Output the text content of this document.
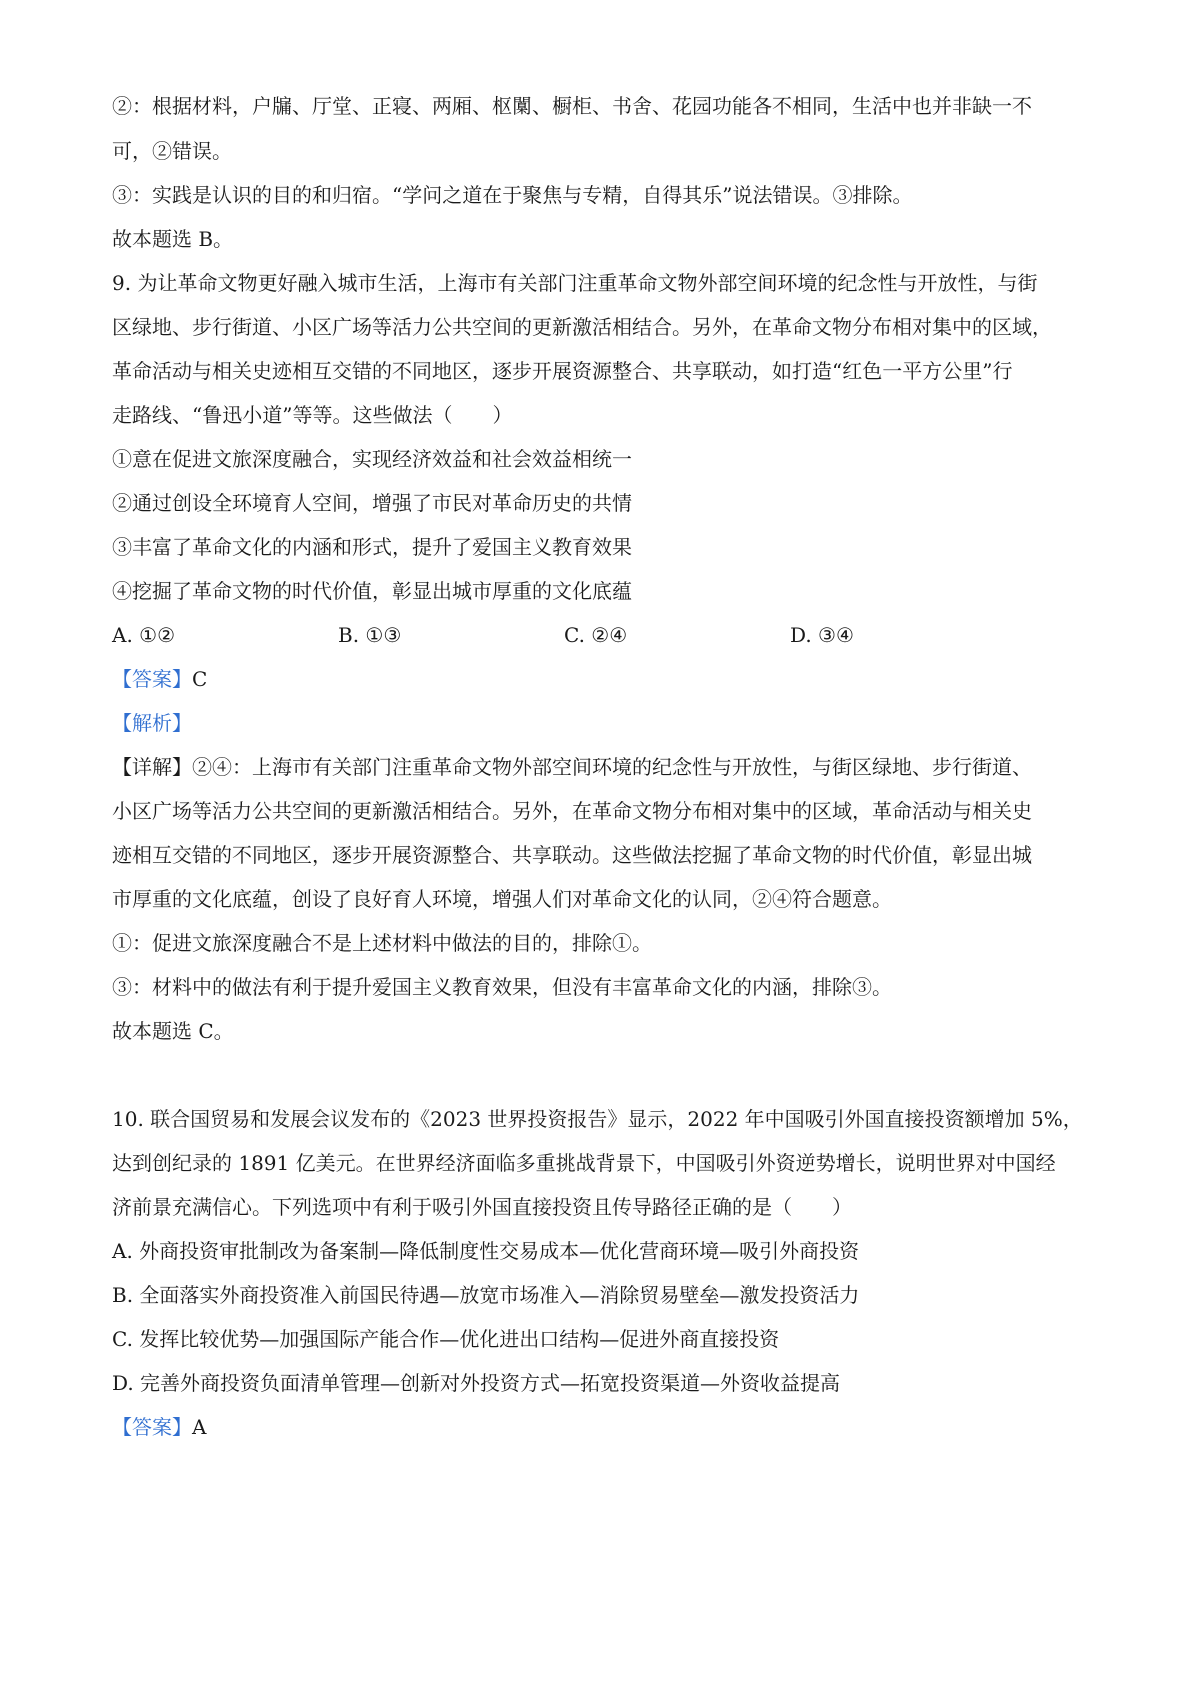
②：根据材料，户牖、厅堂、正寝、两厢、枢闑、橱柜、书舍、花园功能各不相同，生活中也并非缺一不
可，②错误。
③：实践是认识的目的和归宿。“学问之道在于聚焦与专精，自得其乐”说法错误。③排除。
故本题选 B。
9. 为让革命文物更好融入城市生活，上海市有关部门注重革命文物外部空间环境的纪念性与开放性，与街
区绿地、步行街道、小区广场等活力公共空间的更新激活相结合。另外，在革命文物分布相对集中的区域，
革命活动与相关史迹相互交错的不同地区，逐步开展资源整合、共享联动，如打造“红色一平方公里”行
走路线、“鲁迅小道”等等。这些做法（　　）
①意在促进文旅深度融合，实现经济效益和社会效益相统一
②通过创设全环境育人空间，增强了市民对革命历史的共情
③丰富了革命文化的内涵和形式，提升了爱国主义教育效果
④挖掘了革命文物的时代价值，彰显出城市厚重的文化底蕴
A. ①②	B. ①③	C. ②④	D. ③④
【答案】C
【解析】
【详解】②④：上海市有关部门注重革命文物外部空间环境的纪念性与开放性，与街区绿地、步行街道、
小区广场等活力公共空间的更新激活相结合。另外，在革命文物分布相对集中的区域，革命活动与相关史
迹相互交错的不同地区，逐步开展资源整合、共享联动。这些做法挖掘了革命文物的时代价值，彰显出城
市厚重的文化底蕴，创设了良好育人环境，增强人们对革命文化的认同，②④符合题意。
①：促进文旅深度融合不是上述材料中做法的目的，排除①。
③：材料中的做法有利于提升爱国主义教育效果，但没有丰富革命文化的内涵，排除③。
故本题选 C。
10. 联合国贸易和发展会议发布的《2023 世界投资报告》显示，2022 年中国吸引外国直接投资额增加 5%，
达到创纪录的 1891 亿美元。在世界经济面临多重挑战背景下，中国吸引外资逆势增长，说明世界对中国经
济前景充满信心。下列选项中有利于吸引外国直接投资且传导路径正确的是（　　）
A. 外商投资审批制改为备案制—降低制度性交易成本—优化营商环境—吸引外商投资
B. 全面落实外商投资准入前国民待遇—放宽市场准入—消除贸易壁垒—激发投资活力
C. 发挥比较优势—加强国际产能合作—优化进出口结构—促进外商直接投资
D. 完善外商投资负面清单管理—创新对外投资方式—拓宽投资渠道—外资收益提高
【答案】A
